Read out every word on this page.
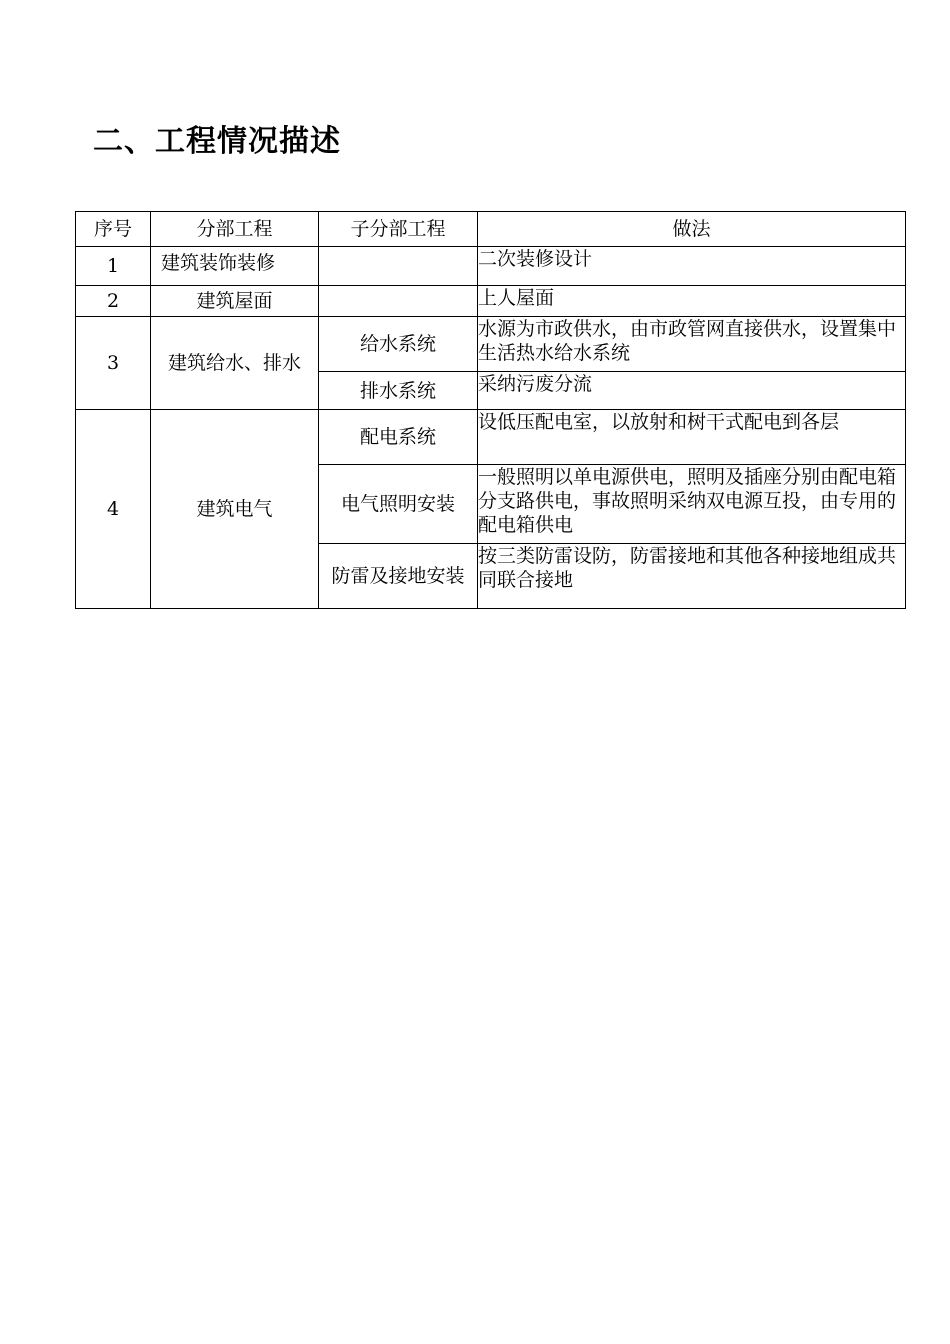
二、工程情况描述
序号	分部工程	子分部工程	做法
1	建筑装饰装修		二次装修设计
2	建筑屋面		上人屋面
3	建筑给水、排水	给水系统	水源为市政供水，由市政管网直接供水，设置集中生活热水给水系统
		排水系统	采纳污废分流
4	建筑电气	配电系统	设低压配电室，以放射和树干式配电到各层
		电气照明安装	一般照明以单电源供电，照明及插座分别由配电箱分支路供电，事故照明采纳双电源互投，由专用的配电箱供电
		防雷及接地安装	按三类防雷设防，防雷接地和其他各种接地组成共同联合接地
